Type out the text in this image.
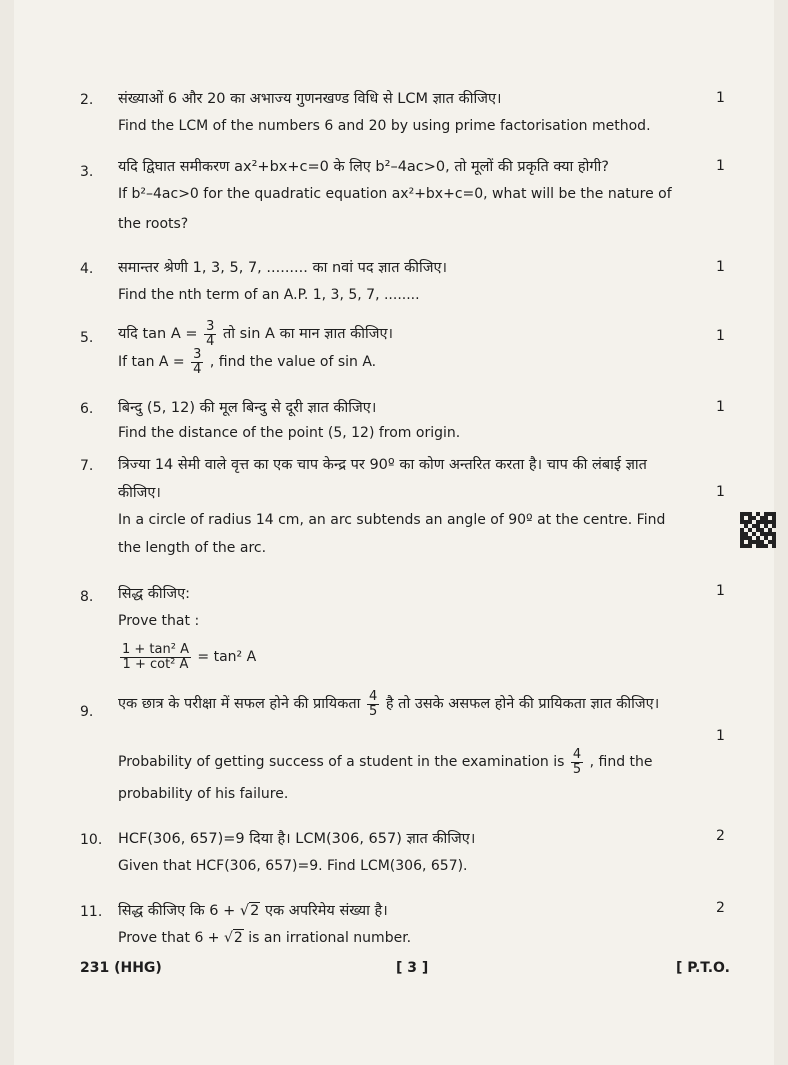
2. संख्याओं 6 और 20 का अभाज्य गुणनखण्ड विधि से LCM ज्ञात कीजिए।	1
Find the LCM of the numbers 6 and 20 by using prime factorisation method.
3. यदि द्विघात समीकरण ax²+bx+c=0 के लिए b²–4ac>0, तो मूलों की प्रकृति क्या होगी?	1
If b²–4ac>0 for the quadratic equation ax²+bx+c=0, what will be the nature of
the roots?
4. समान्तर श्रेणी 1, 3, 5, 7, ......... का nवां पद ज्ञात कीजिए।	1
Find the nth term of an A.P. 1, 3, 5, 7, ........
5. यदि $\tan A = \frac{3}{4}$ तो sin A का मान ज्ञात कीजिए।	1
If $\tan A = \frac{3}{4}$ , find the value of sin A.
6. बिन्दु (5, 12) की मूल बिन्दु से दूरी ज्ञात कीजिए।	1
Find the distance of the point (5, 12) from origin.
7. त्रिज्या 14 सेमी वाले वृत्त का एक चाप केन्द्र पर 90º का कोण अन्तरित करता है। चाप की लंबाई ज्ञात
कीजिए।	1
In a circle of radius 14 cm, an arc subtends an angle of 90º at the centre. Find
the length of the arc.
8. सिद्ध कीजिए:	1
Prove that :
$\frac{\text{1 + tan² A}}{\text{1 + cot² A}} = \tan^2$ A
9. एक छात्र के परीक्षा में सफल होने की प्रायिकता $\frac{4}{5}$ है तो उसके असफल होने की प्रायिकता ज्ञात कीजिए।
1
Probability of getting success of a student in the examination is $\frac{4}{5}$ , find the
probability of his failure.
10. HCF(306, 657)=9 दिया है। LCM(306, 657) ज्ञात कीजिए।	2
Given that HCF(306, 657)=9. Find LCM(306, 657).
11. सिद्ध कीजिए कि 6 + √2 एक अपरिमेय संख्या है।	2
Prove that 6 + √2 is an irrational number.
231 (HHG)	[ 3 ]	[ P.T.O.
